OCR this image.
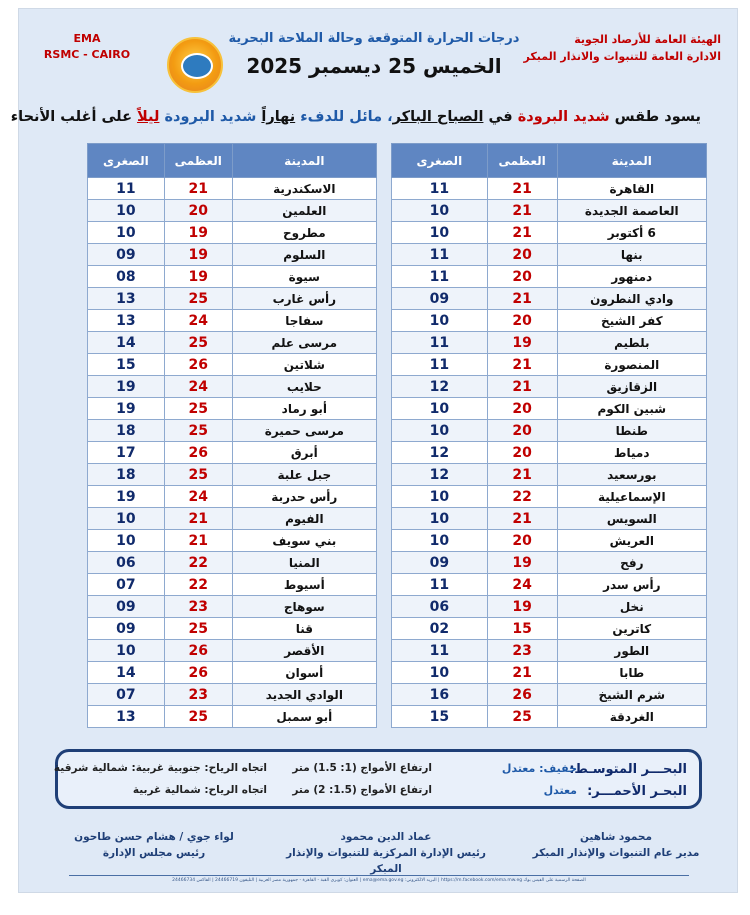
EMA
RSMC - CAIRO
درجات الحرارة المتوقعة وحالة الملاحة البحرية
الخميس 25 ديسمبر 2025
الهيئة العامة للأرصاد الجوية
الادارة العامة للتنبوات والانذار المبكر
يسود طقس شديد البرودة في الصباح الباكر، مائل للدفء نهاراً شديد البرودة ليلاً على أغلب الأنحاء
المدينة	العظمى	الصغرى
القاهرة	21	11
العاصمة الجديدة	21	10
6 أكتوبر	21	10
بنها	20	11
دمنهور	20	11
وادي النطرون	21	09
كفر الشيخ	20	10
بلطيم	19	11
المنصورة	21	11
الزقازيق	21	12
شبين الكوم	20	10
طنطا	20	10
دمياط	20	12
بورسعيد	21	12
الإسماعيلية	22	10
السويس	21	10
العريش	20	10
رفح	19	09
رأس سدر	24	11
نخل	19	06
كاترين	15	02
الطور	23	11
طابا	21	10
شرم الشيخ	26	16
الغردقة	25	15
المدينة	العظمى	الصغرى
الاسكندرية	21	11
العلمين	20	10
مطروح	19	10
السلوم	19	09
سيوة	19	08
رأس غارب	25	13
سفاجا	24	13
مرسى علم	25	14
شلاتين	26	15
حلايب	24	19
أبو رماد	25	19
مرسى حميرة	25	18
أبرق	26	17
جبل علبة	25	18
رأس حدربة	24	19
الفيوم	21	10
بني سويف	21	10
المنيا	22	06
أسيوط	22	07
سوهاج	23	09
قنا	25	09
الأقصر	26	10
أسوان	26	14
الوادي الجديد	23	07
أبو سمبل	25	13
البحـــر المتوسـط:
خفيف: معتدل
ارتفاع الأمواج (1: 1.5) متر
اتجاه الرياح: جنوبية غربية: شمالية شرقية
البحـر الأحمـــر:
معتدل
ارتفاع الأمواج (1.5: 2) متر
اتجاه الرياح: شمالية غربية
محمود شاهين
مدير عام التنبوات والإنذار المبكر
عماد الدين محمود
رئيس الإدارة المركزية للتنبوات والإنذار المبكر
لواء جوي / هشام حسن طاحون
رئيس مجلس الإدارة
الصفحة الرسمية على الفيس بوك https://m.facebook.com/ema.mw.eg | البريد الالكتروني: ema@ema.gov.eg | العنوان: كوبري القبة - القاهرة - جمهورية مصر العربية | التليفون 24466719 | الفاكس 24466734
